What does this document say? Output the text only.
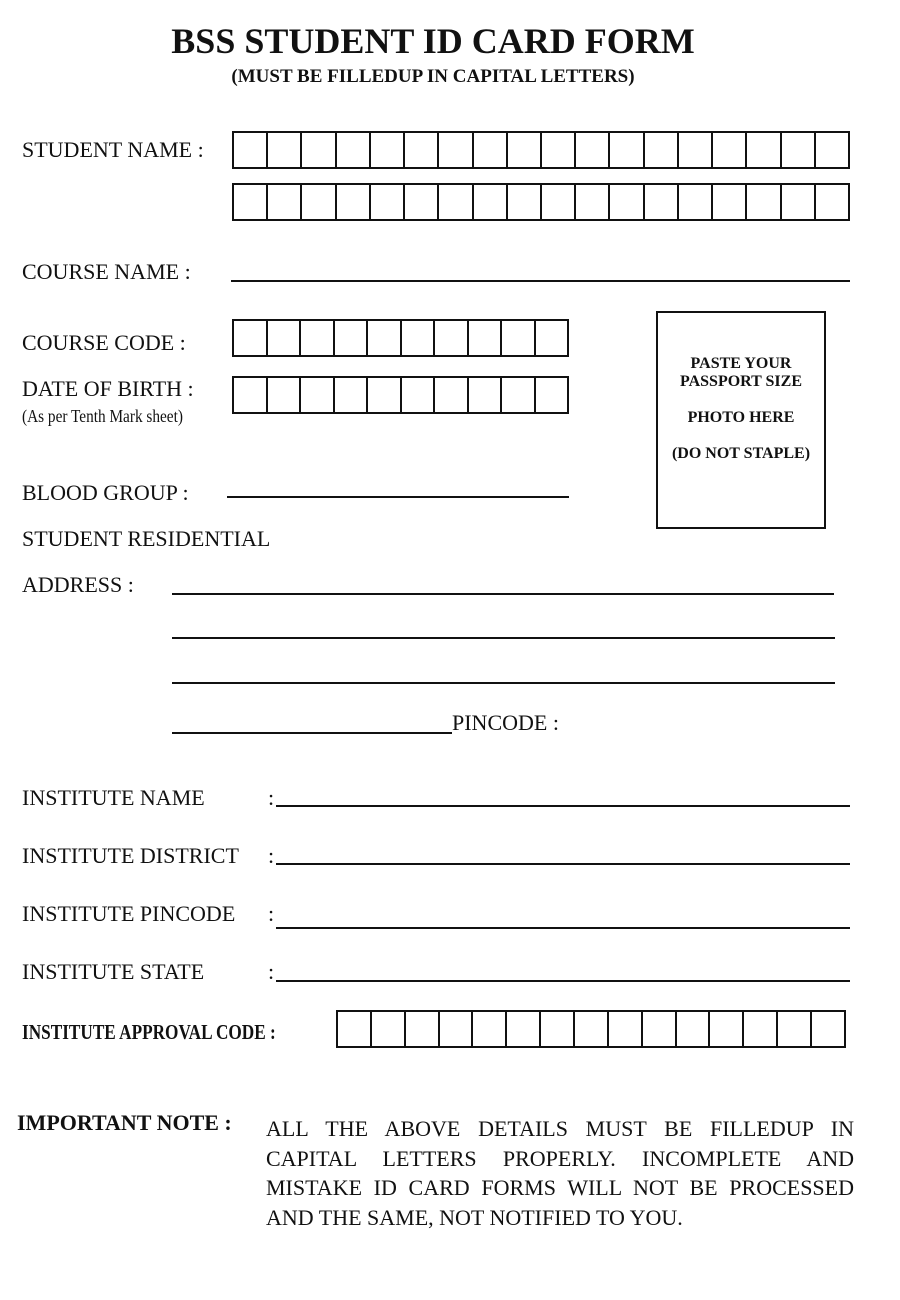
BSS STUDENT ID CARD FORM
(MUST BE FILLEDUP IN CAPITAL LETTERS)
STUDENT NAME :
COURSE NAME :
COURSE CODE :
DATE OF BIRTH :
(As per Tenth Mark sheet)
PASTE YOUR
PASSPORT SIZE
PHOTO HERE
(DO NOT STAPLE)
BLOOD GROUP :
STUDENT RESIDENTIAL
ADDRESS :
PINCODE :
INSTITUTE NAME	:
INSTITUTE DISTRICT :
INSTITUTE PINCODE :
INSTITUTE STATE	:
INSTITUTE APPROVAL CODE :
IMPORTANT NOTE : ALL THE ABOVE DETAILS MUST BE FILLEDUP IN
CAPITAL LETTERS PROPERLY. INCOMPLETE AND
MISTAKE ID CARD FORMS WILL NOT BE PROCESSED
AND THE SAME, NOT NOTIFIED TO YOU.
